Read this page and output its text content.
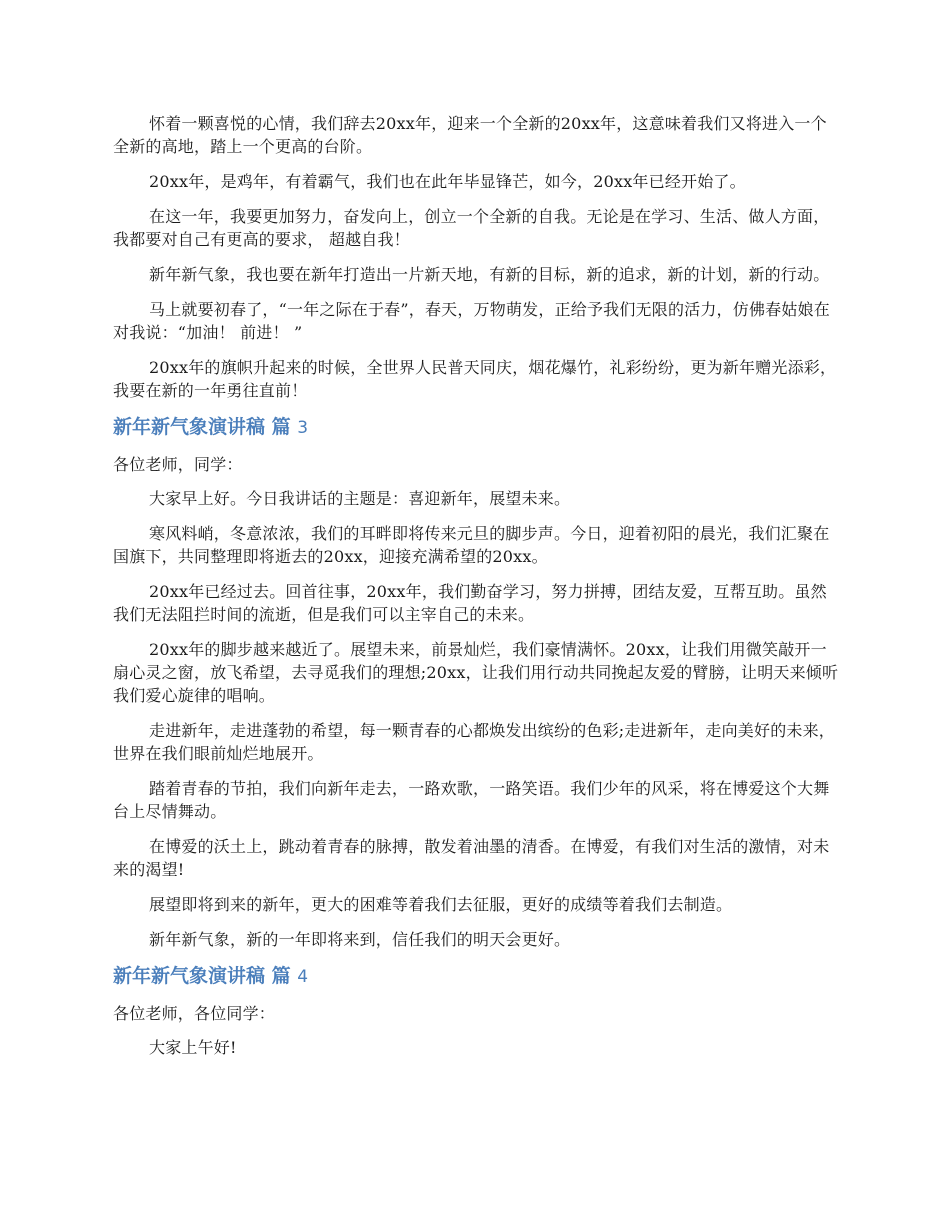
怀着一颗喜悦的心情，我们辞去20xx年，迎来一个全新的20xx年，这意味着我们又将进入一个全新的高地，踏上一个更高的台阶。

20xx年，是鸡年，有着霸气，我们也在此年毕显锋芒，如今，20xx年已经开始了。

在这一年，我要更加努力，奋发向上，创立一个全新的自我。无论是在学习、生活、做人方面，我都要对自己有更高的要求， 超越自我！

新年新气象，我也要在新年打造出一片新天地，有新的目标，新的追求，新的计划，新的行动。

马上就要初春了，“一年之际在于春”，春天，万物萌发，正给予我们无限的活力，仿佛春姑娘在对我说：“加油！ 前进！ ”

20xx年的旗帜升起来的时候，全世界人民普天同庆，烟花爆竹，礼彩纷纷，更为新年赠光添彩，我要在新的一年勇往直前！

新年新气象演讲稿 篇 3

各位老师，同学：

大家早上好。今日我讲话的主题是：喜迎新年，展望未来。

寒风料峭，冬意浓浓，我们的耳畔即将传来元旦的脚步声。今日，迎着初阳的晨光，我们汇聚在国旗下，共同整理即将逝去的20xx，迎接充满希望的20xx。

20xx年已经过去。回首往事，20xx年，我们勤奋学习，努力拼搏，团结友爱，互帮互助。虽然我们无法阻拦时间的流逝，但是我们可以主宰自己的未来。

20xx年的脚步越来越近了。展望未来，前景灿烂，我们豪情满怀。20xx，让我们用微笑敲开一扇心灵之窗，放飞希望，去寻觅我们的理想;20xx，让我们用行动共同挽起友爱的臂膀，让明天来倾听我们爱心旋律的唱响。

走进新年，走进蓬勃的希望，每一颗青春的心都焕发出缤纷的色彩;走进新年，走向美好的未来，世界在我们眼前灿烂地展开。

踏着青春的节拍，我们向新年走去，一路欢歌，一路笑语。我们少年的风采，将在博爱这个大舞台上尽情舞动。

在博爱的沃土上，跳动着青春的脉搏，散发着油墨的清香。在博爱，有我们对生活的激情，对未来的渴望!

展望即将到来的新年，更大的困难等着我们去征服，更好的成绩等着我们去制造。

新年新气象，新的一年即将来到，信任我们的明天会更好。

新年新气象演讲稿 篇 4

各位老师，各位同学：

大家上午好!
